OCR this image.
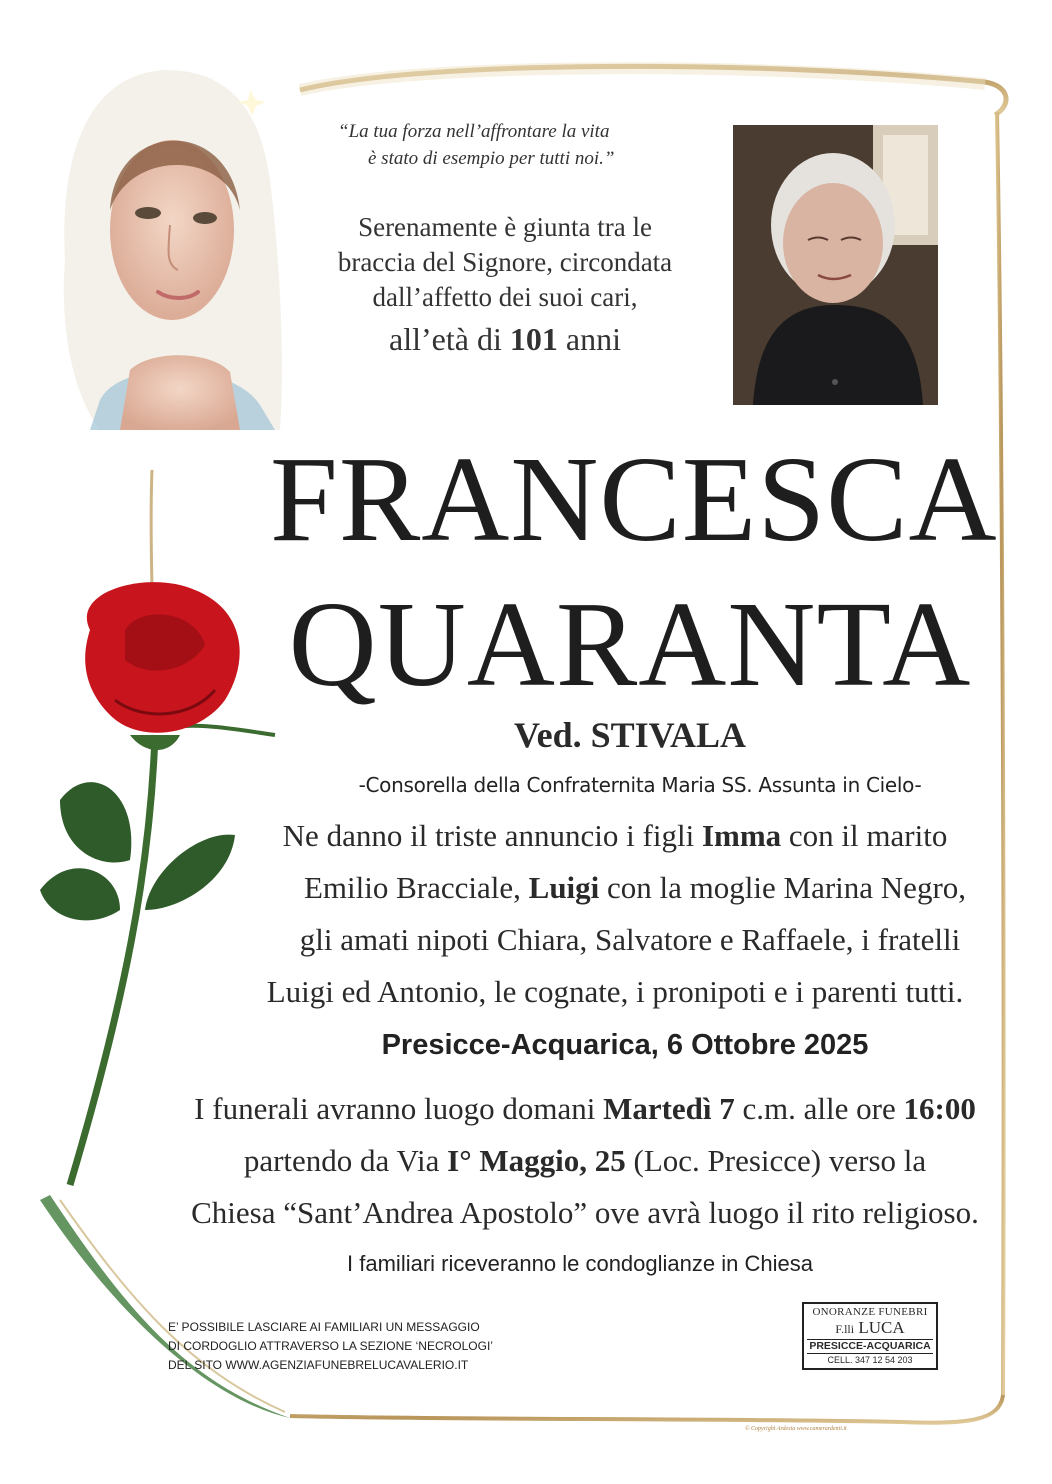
“La tua forza nell’affrontare la vita
è stato di esempio per tutti noi.”
Serenamente è giunta tra le
braccia del Signore, circondata
dall’affetto dei suoi cari,
all’età di 101 anni
FRANCESCA
QUARANTA
Ved. STIVALA
-Consorella della Confraternita Maria SS. Assunta in Cielo-
Ne danno il triste annuncio i figli Imma con il marito
Emilio Bracciale, Luigi con la moglie Marina Negro,
gli amati nipoti Chiara, Salvatore e Raffaele, i fratelli
Luigi ed Antonio, le cognate, i pronipoti e i parenti tutti.
Presicce-Acquarica, 6 Ottobre 2025
I funerali avranno luogo domani Martedì 7 c.m. alle ore 16:00
partendo da Via I° Maggio, 25 (Loc. Presicce) verso la
Chiesa “Sant’Andrea Apostolo” ove avrà luogo il rito religioso.
I familiari riceveranno le condoglianze in Chiesa
E’ POSSIBILE LASCIARE AI FAMILIARI UN MESSAGGIO
DI CORDOGLIO ATTRAVERSO LA SEZIONE ‘NECROLOGI’
DEL SITO WWW.AGENZIAFUNEBRELUCAVALERIO.IT
ONORANZE FUNEBRI
F.lli LUCA
PRESICCE-ACQUARICA
CELL. 347 12 54 203
© Copyright Ardesia www.camerardenti.it
